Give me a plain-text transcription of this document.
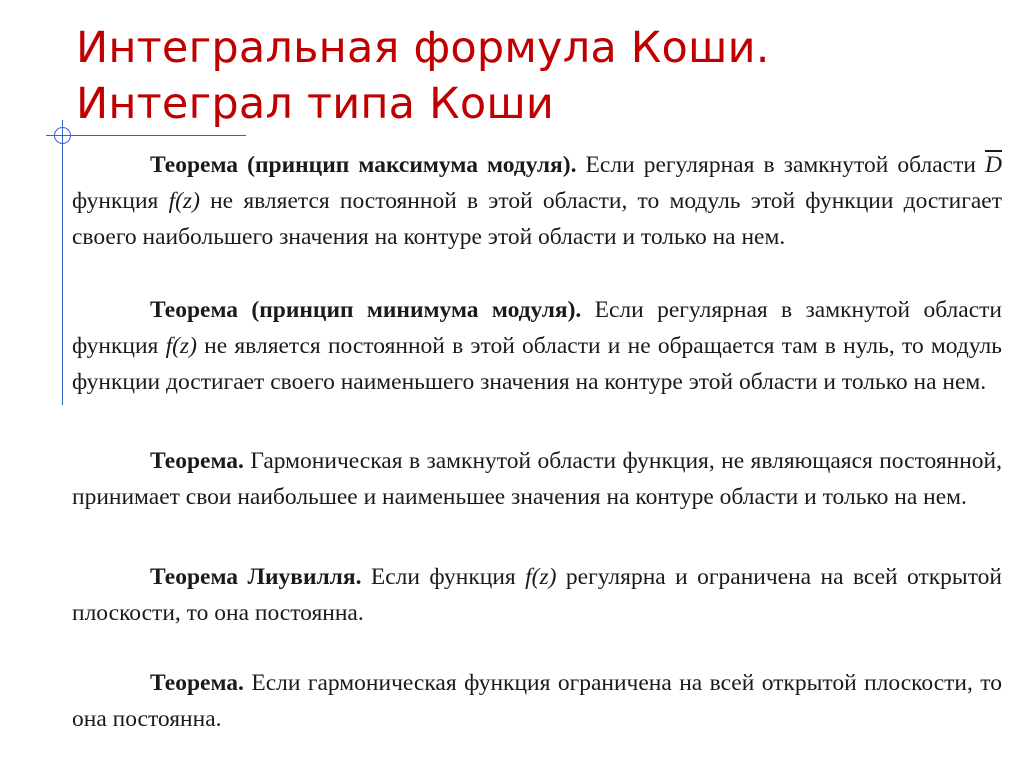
Интегральная формула Коши. Интеграл типа Коши

Теорема (принцип максимума модуля). Если регулярная в замкнутой области $\overline{D}$ функция f(z) не является постоянной в этой области, то модуль этой функции достигает своего наибольшего значения на контуре этой области и только на нем.

Теорема (принцип минимума модуля). Если регулярная в замкнутой области функция f(z) не является постоянной в этой области и не обращается там в нуль, то модуль функции достигает своего наименьшего значения на контуре этой области и только на нем.

Теорема. Гармоническая в замкнутой области функция, не являющаяся постоянной, принимает свои наибольшее и наименьшее значения на контуре области и только на нем.

Теорема Лиувилля. Если функция f(z) регулярна и ограничена на всей открытой плоскости, то она постоянна.

Теорема. Если гармоническая функция ограничена на всей открытой плоскости, то она постоянна.
